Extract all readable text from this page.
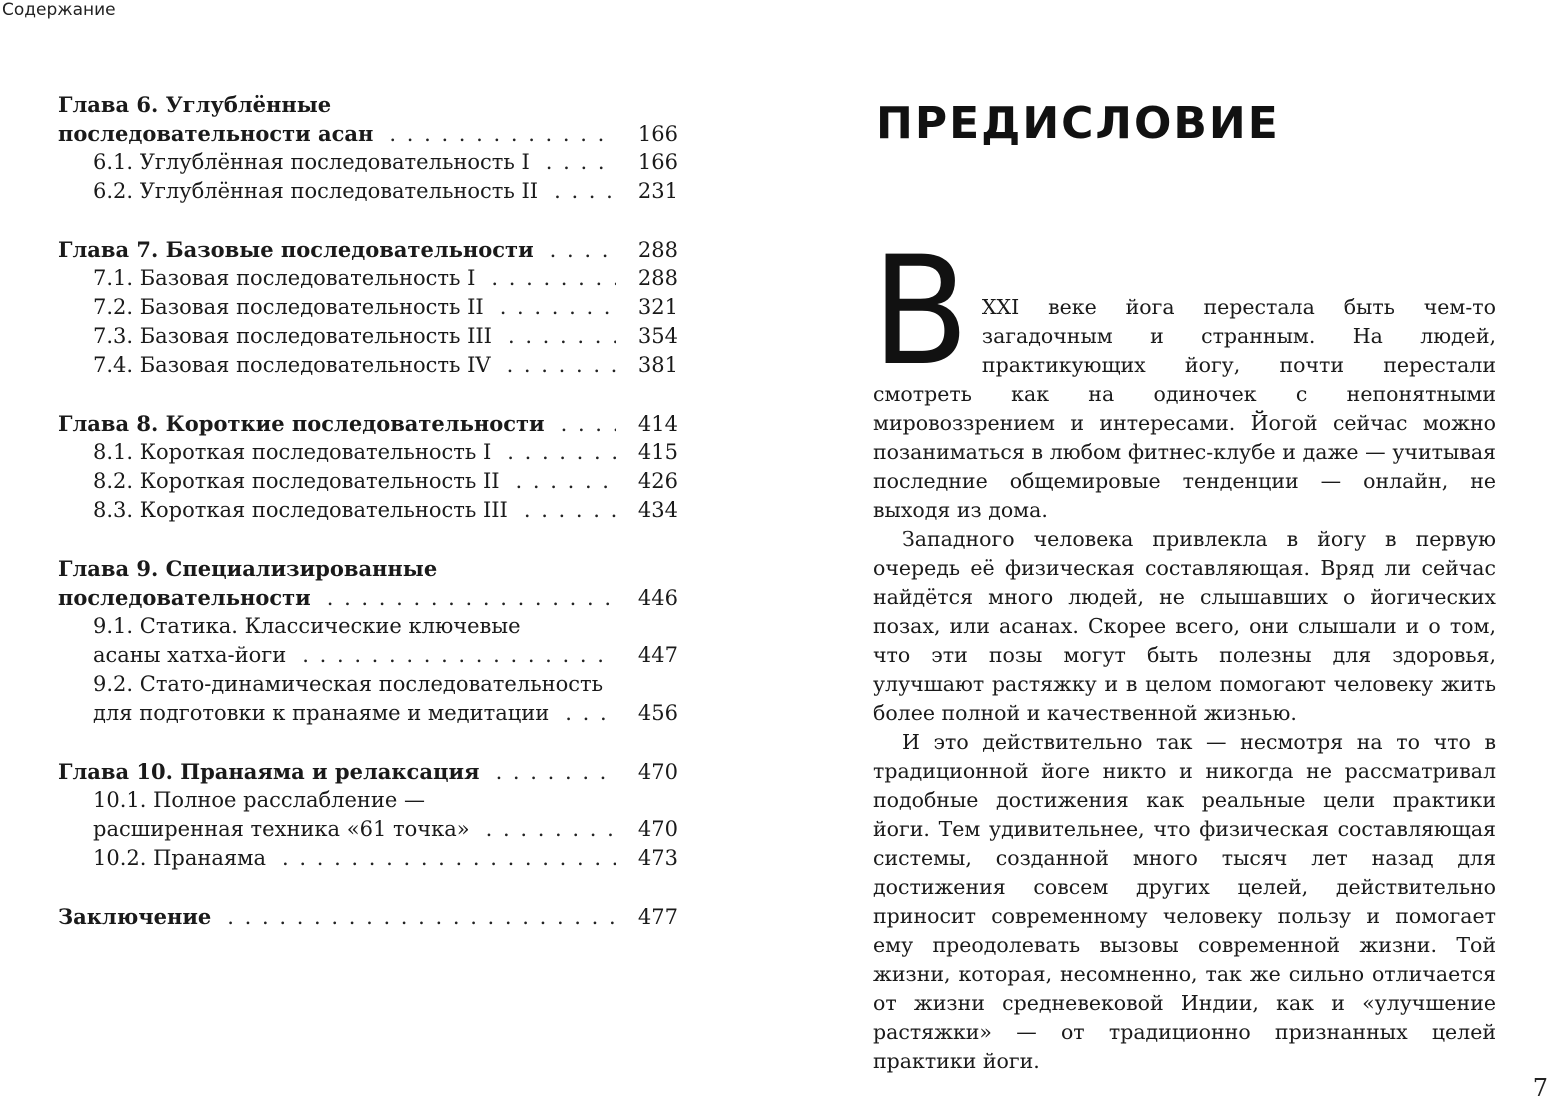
Содержание
Глава 6. Углублённые
последовательности асан . . .	166
6.1. Углублённая последовательность I . . .	166
6.2. Углублённая последовательность II . . .	231
Глава 7. Базовые последовательности . . .	288
7.1. Базовая последовательность I . . .	288
7.2. Базовая последовательность II . . .	321
7.3. Базовая последовательность III . . .	354
7.4. Базовая последовательность IV . . .	381
Глава 8. Короткие последовательности . . .	414
8.1. Короткая последовательность I . . .	415
8.2. Короткая последовательность II . . .	426
8.3. Короткая последовательность III . . .	434
Глава 9. Специализированные
последовательности . . .	446
9.1. Статика. Классические ключевые
асаны хатха-йоги . . .	447
9.2. Стато-динамическая последовательность
для подготовки к пранаяме и медитации . . .	456
Глава 10. Пранаяма и релаксация . . .	470
10.1. Полное расслабление —
расширенная техника «61 точка» . . .	470
10.2. Пранаяма . . .	473
Заключение . . .	477
ПРЕДИСЛОВИЕ

В XXI веке йога перестала быть чем-то загадочным и странным. На людей, практикующих йогу, почти перестали смотреть как на одиночек с непонятными мировоззрением и интересами. Йогой сейчас можно позаниматься в любом фитнес-клубе и даже — учитывая последние общемировые тенденции — онлайн, не выходя из дома.

Западного человека привлекла в йогу в первую очередь её физическая составляющая. Вряд ли сейчас найдётся много людей, не слышавших о йогических позах, или асанах. Скорее всего, они слышали и о том, что эти позы могут быть полезны для здоровья, улучшают растяжку и в целом помогают человеку жить более полной и качественной жизнью.

И это действительно так — несмотря на то что в традиционной йоге никто и никогда не рассматривал подобные достижения как реальные цели практики йоги. Тем удивительнее, что физическая составляющая системы, созданной много тысяч лет назад для достижения совсем других целей, действительно приносит современному человеку пользу и помогает ему преодолевать вызовы современной жизни. Той жизни, которая, несомненно, так же сильно отличается от жизни средневековой Индии, как и «улучшение растяжки» — от традиционно признанных целей практики йоги.

7
